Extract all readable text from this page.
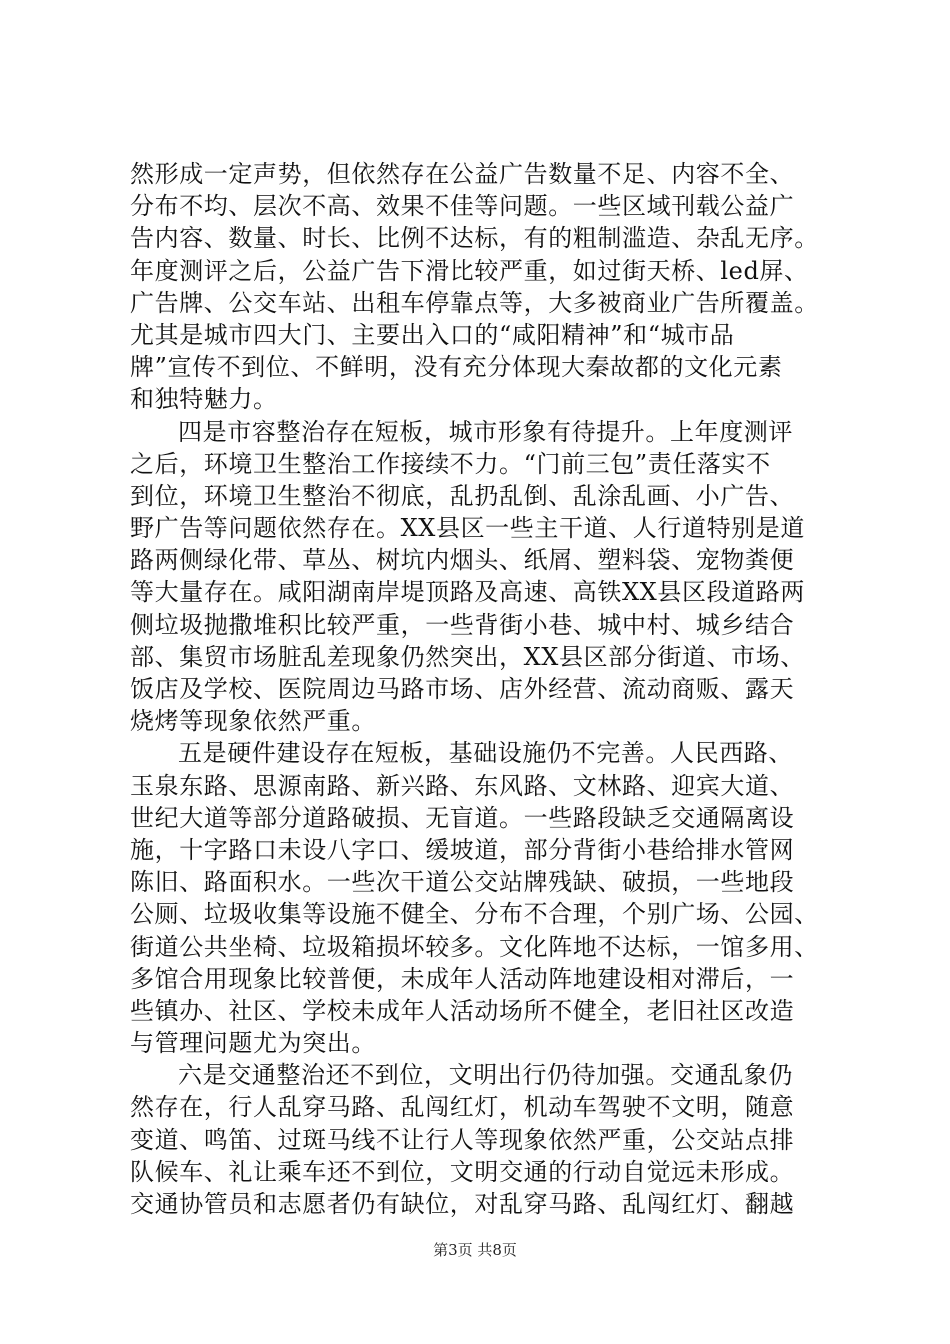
然形成一定声势，但依然存在公益广告数量不足、内容不全、
分布不均、层次不高、效果不佳等问题。一些区域刊载公益广
告内容、数量、时长、比例不达标，有的粗制滥造、杂乱无序。
年度测评之后，公益广告下滑比较严重，如过街天桥、led屏、
广告牌、公交车站、出租车停靠点等，大多被商业广告所覆盖。
尤其是城市四大门、主要出入口的“咸阳精神”和“城市品
牌”宣传不到位、不鲜明，没有充分体现大秦故都的文化元素
和独特魅力。
四是市容整治存在短板，城市形象有待提升。上年度测评
之后，环境卫生整治工作接续不力。“门前三包”责任落实不
到位，环境卫生整治不彻底，乱扔乱倒、乱涂乱画、小广告、
野广告等问题依然存在。XX县区一些主干道、人行道特别是道
路两侧绿化带、草丛、树坑内烟头、纸屑、塑料袋、宠物粪便
等大量存在。咸阳湖南岸堤顶路及高速、高铁XX县区段道路两
侧垃圾抛撒堆积比较严重，一些背街小巷、城中村、城乡结合
部、集贸市场脏乱差现象仍然突出，XX县区部分街道、市场、
饭店及学校、医院周边马路市场、店外经营、流动商贩、露天
烧烤等现象依然严重。
五是硬件建设存在短板，基础设施仍不完善。人民西路、
玉泉东路、思源南路、新兴路、东风路、文林路、迎宾大道、
世纪大道等部分道路破损、无盲道。一些路段缺乏交通隔离设
施，十字路口未设八字口、缓坡道，部分背街小巷给排水管网
陈旧、路面积水。一些次干道公交站牌残缺、破损，一些地段
公厕、垃圾收集等设施不健全、分布不合理，个别广场、公园、
街道公共坐椅、垃圾箱损坏较多。文化阵地不达标，一馆多用、
多馆合用现象比较普便，未成年人活动阵地建设相对滞后，一
些镇办、社区、学校未成年人活动场所不健全，老旧社区改造
与管理问题尤为突出。
六是交通整治还不到位，文明出行仍待加强。交通乱象仍
然存在，行人乱穿马路、乱闯红灯，机动车驾驶不文明，随意
变道、鸣笛、过斑马线不让行人等现象依然严重，公交站点排
队候车、礼让乘车还不到位，文明交通的行动自觉远未形成。
交通协管员和志愿者仍有缺位，对乱穿马路、乱闯红灯、翻越
第3页 共8页
